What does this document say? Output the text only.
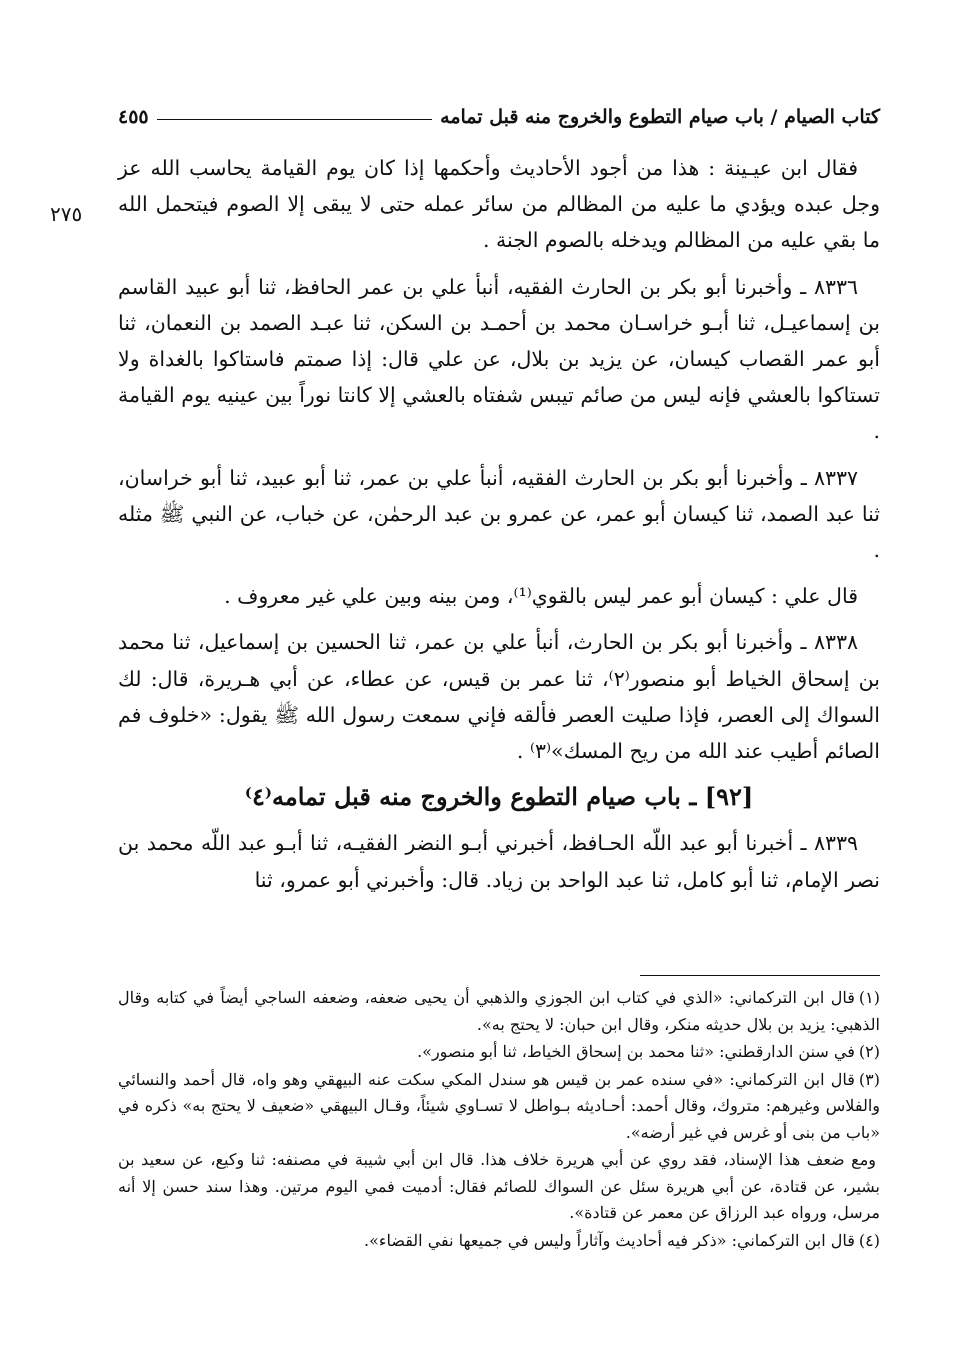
كتاب الصيام / باب صيام التطوع والخروج منه قبل تمامه
٤٥٥
٢٧٥

فقال ابن عيـينة : هذا من أجود الأحاديث وأحكمها إذا كان يوم القيامة يحاسب الله عز وجل عبده ويؤدي ما عليه من المظالم من سائر عمله حتى لا يبقى إلا الصوم فيتحمل الله ما بقي عليه من المظالم ويدخله بالصوم الجنة .

٨٣٣٦ ـ وأخبرنا أبو بكر بن الحارث الفقيه، أنبأ علي بن عمر الحافظ، ثنا أبو عبيد القاسم بن إسماعيـل، ثنا أبـو خراسـان محمد بن أحمـد بن السكن، ثنا عبـد الصمد بن النعمان، ثنا أبو عمر القصاب كيسان، عن يزيد بن بلال، عن علي قال: إذا صمتم فاستاكوا بالغداة ولا تستاكوا بالعشي فإنه ليس من صائم تيبس شفتاه بالعشي إلا كانتا نوراً بين عينيه يوم القيامة .

٨٣٣٧ ـ وأخبرنا أبو بكر بن الحارث الفقيه، أنبأ علي بن عمر، ثنا أبو عبيد، ثنا أبو خراسان، ثنا عبد الصمد، ثنا كيسان أبو عمر، عن عمرو بن عبد الرحمٰن، عن خباب، عن النبي ﷺ مثله .

قال علي : كيسان أبو عمر ليس بالقوي⁽¹⁾، ومن بينه وبين علي غير معروف .

٨٣٣٨ ـ وأخبرنا أبو بكر بن الحارث، أنبأ علي بن عمر، ثنا الحسين بن إسماعيل، ثنا محمد بن إسحاق الخياط أبو منصور⁽٢⁾، ثنا عمر بن قيس، عن عطاء، عن أبي هـريرة، قال: لك السواك إلى العصر، فإذا صليت العصر فألقه فإني سمعت رسول الله ﷺ يقول: «خلوف فم الصائم أطيب عند الله من ريح المسك»⁽٣⁾ .

[٩٢] ـ باب صيام التطوع والخروج منه قبل تمامه⁽٤⁾

٨٣٣٩ ـ أخبرنا أبو عبد اللّه الحـافظ، أخبرني أبـو النضر الفقيـه، ثنا أبـو عبد اللّه محمد بن نصر الإمام، ثنا أبو كامل، ثنا عبد الواحد بن زياد. قال: وأخبرني أبو عمرو، ثنا

(١)قال ابن التركماني: «الذي في كتاب ابن الجوزي والذهبي أن يحيى ضعفه، وضعفه الساجي أيضاً في كتابه وقال الذهبي: يزيد بن بلال حديثه منكر، وقال ابن حبان: لا يحتج به».

(٢)في سنن الدارقطني: «ثنا محمد بن إسحاق الخياط، ثنا أبو منصور».

(٣)قال ابن التركماني: «في سنده عمر بن قيس هو سندل المكي سكت عنه البيهقي وهو واه، قال أحمد والنسائي والفلاس وغيرهم: متروك، وقال أحمد: أحـاديثه بـواطل لا تسـاوي شيئاً، وقـال البيهقي «ضعيف لا يحتج به» ذكره في «باب من بنى أو غرس في غير أرضه».

ومع ضعف هذا الإسناد، فقد روي عن أبي هريرة خلاف هذا. قال ابن أبي شيبة في مصنفه: ثنا وكيع، عن سعيد بن بشير، عن قتادة، عن أبي هريرة سئل عن السواك للصائم فقال: أدميت فمي اليوم مرتين. وهذا سند حسن إلا أنه مرسل، ورواه عبد الرزاق عن معمر عن قتادة».

(٤)قال ابن التركماني: «ذكر فيه أحاديث وآثاراً وليس في جميعها نفي القضاء».
